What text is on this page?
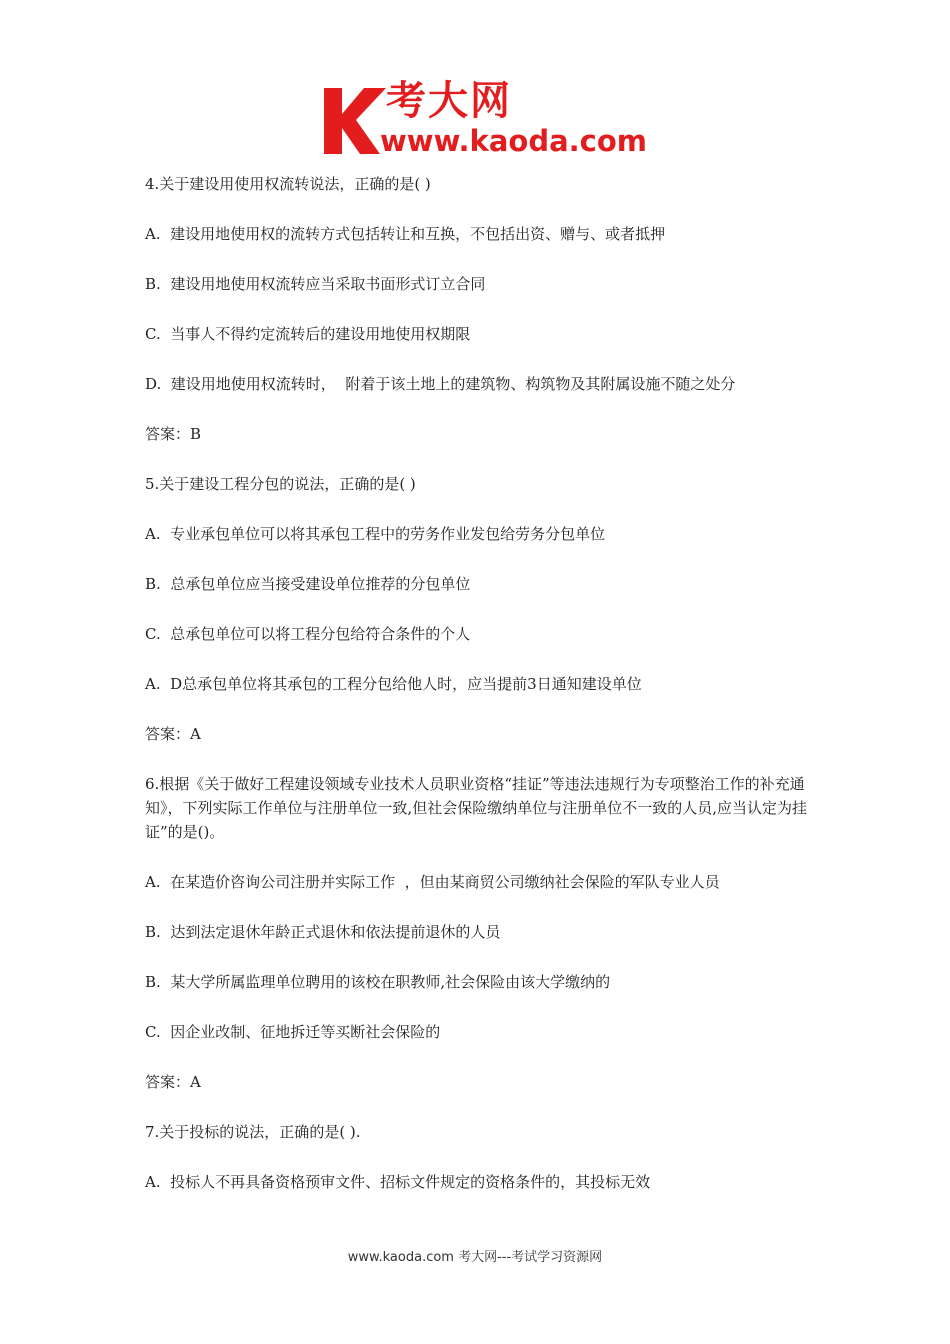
考大网
www.kaoda.com

4.关于建设用使用权流转说法，正确的是( )

A.  建设用地使用权的流转方式包括转让和互换，不包括出资、赠与、或者抵押

B.  建设用地使用权流转应当采取书面形式订立合同

C.  当事人不得约定流转后的建设用地使用权期限

D.  建设用地使用权流转时，  附着于该土地上的建筑物、构筑物及其附属设施不随之处分

答案：B

5.关于建设工程分包的说法，正确的是( )

A.  专业承包单位可以将其承包工程中的劳务作业发包给劳务分包单位

B.  总承包单位应当接受建设单位推荐的分包单位

C.  总承包单位可以将工程分包给符合条件的个人

A.  D总承包单位将其承包的工程分包给他人时，应当提前3日通知建设单位

答案：A

6.根据《关于做好工程建设领域专业技术人员职业资格“挂证”等违法违规行为专项整治工作的补充通知》，下列实际工作单位与注册单位一致,但社会保险缴纳单位与注册单位不一致的人员,应当认定为挂证”的是()。

A.  在某造价咨询公司注册并实际工作  ，但由某商贸公司缴纳社会保险的军队专业人员

B.  达到法定退休年龄正式退休和依法提前退休的人员

B.  某大学所属监理单位聘用的该校在职教师,社会保险由该大学缴纳的

C.  因企业改制、征地拆迁等买断社会保险的

答案：A

7.关于投标的说法，正确的是( ).

A.  投标人不再具备资格预审文件、招标文件规定的资格条件的，其投标无效

www.kaoda.com 考大网---考试学习资源网
